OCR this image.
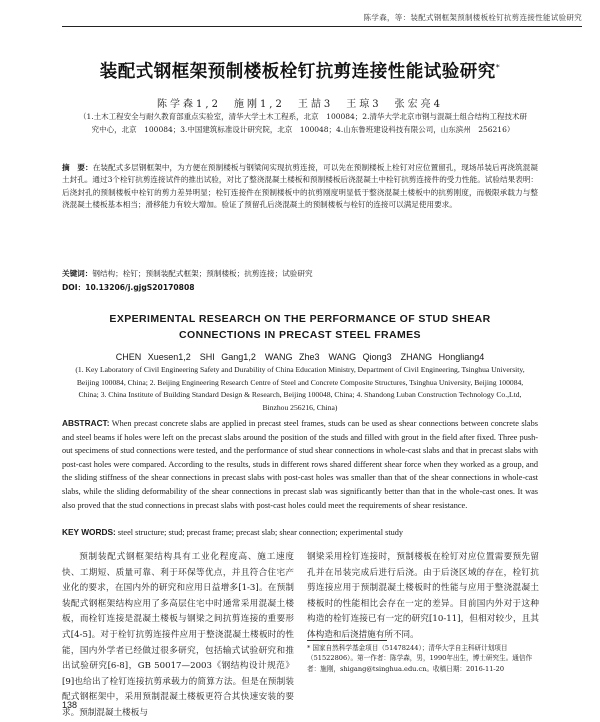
陈学森，等：装配式钢框架预制楼板栓钉抗剪连接性能试验研究
装配式钢框架预制楼板栓钉抗剪连接性能试验研究*
陈学森1,2　施刚1,2　王喆3　王琼3　张宏亮4
（1.土木工程安全与耐久教育部重点实验室，清华大学土木工程系，北京　100084；2.清华大学北京市钢与混凝土组合结构工程技术研究中心，北京　100084；3.中国建筑标准设计研究院，北京　100048；4.山东鲁班建设科技有限公司，山东滨州　256216）
摘　要：在装配式多层钢框架中，为方便在预制楼板与钢梁间实现抗剪连接，可以先在预制楼板上栓钉对应位置留孔，现场吊装后再浇筑混凝土封孔。通过3个栓钉抗剪连接试件的推出试验，对比了整浇混凝土楼板和预制楼板后浇混凝土中栓钉抗剪连接件的受力性能。试验结果表明：后浇封孔的预制楼板中栓钉的剪力差异明显；栓钉连接件在预制楼板中的抗剪刚度明显低于整浇混凝土楼板中的抗剪刚度，而极限承载力与整浇混凝土楼板基本相当；滑移能力有较大增加。验证了预留孔后浇混凝土的预制楼板与栓钉的连接可以满足使用要求。
关键词：钢结构；栓钉；预制装配式框架；预制楼板；抗剪连接；试验研究
DOI：10.13206/j.gjgS20170808
EXPERIMENTAL RESEARCH ON THE PERFORMANCE OF STUD SHEAR
CONNECTIONS IN PRECAST STEEL FRAMES
CHEN Xuesen1,2　SHI Gang1,2　WANG Zhe3　WANG Qiong3　ZHANG Hongliang4
(1. Key Laboratory of Civil Engineering Safety and Durability of China Education Ministry, Department of Civil Engineering, Tsinghua University, Beijing 100084, China; 2. Beijing Engineering Research Centre of Steel and Concrete Composite Structures, Tsinghua University, Beijing 100084, China; 3. China Institute of Building Standard Design & Research, Beijing 100048, China; 4. Shandong Luban Construction Technology Co.,Ltd, Binzhou 256216, China)
ABSTRACT: When precast concrete slabs are applied in precast steel frames, studs can be used as shear connections between concrete slabs and steel beams if holes were left on the precast slabs around the position of the studs and filled with grout in the field after fixed. Three push-out specimens of stud connections were tested, and the performance of stud shear connections in whole-cast slabs and that in precast slabs with post-cast holes were compared. According to the results, studs in different rows shared different shear force when they worked as a group, and the sliding stiffness of the shear connections in precast slabs with post-cast holes was smaller than that of the shear connections in whole-cast slabs, while the sliding deformability of the shear connections in precast slab was significantly better than that in the whole-cast ones. It was also proved that the stud connections in precast slabs with post-cast holes could meet the requirements of shear resistance.
KEY WORDS: steel structure; stud; precast frame; precast slab; shear connection; experimental study

预制装配式钢框架结构具有工业化程度高、施工速度快、工期短、质量可靠、利于环保等优点，并且符合住宅产业化的要求，在国内外的研究和应用日益增多[1-3]。在预制装配式钢框架结构应用了多高层住宅中时通常采用混凝土楼板，而栓钉连接是混凝土楼板与钢梁之间抗剪连接的重要形式[4-5]。对于栓钉抗剪连接件应用于整浇混凝土楼板时的性能，国内外学者已经做过很多研究，包括输式试验研究和推出试验研究[6-8]，GB 50017—2003《钢结构设计规范》[9]也给出了栓钉连接抗剪承载力的简算方法。但是在预制装配式钢框架中，采用预制混凝土楼板更符合其快速安装的要求。预制混凝土楼板与

钢梁采用栓钉连接时，预制楼板在栓钉对应位置需要预先留孔并在吊装完成后进行后浇。由于后浇区域的存在，栓钉抗剪连接应用于预制混凝土楼板时的性能与应用于整浇混凝土楼板时的性能相比会存在一定的差异。目前国内外对于这种构造的栓钉连接已有一定的研究[10-11]，但相对较少，且其体构造和后浇措施有所不同。

* 国家自然科学基金项目（51478244）；清华大学自主科研计划项目（51522806）。第一作者：陈学森，男，1990年出生，博士研究生。通信作者：施刚，shigang@tsinghua.edu.cn。收稿日期：2016-11-20
138
